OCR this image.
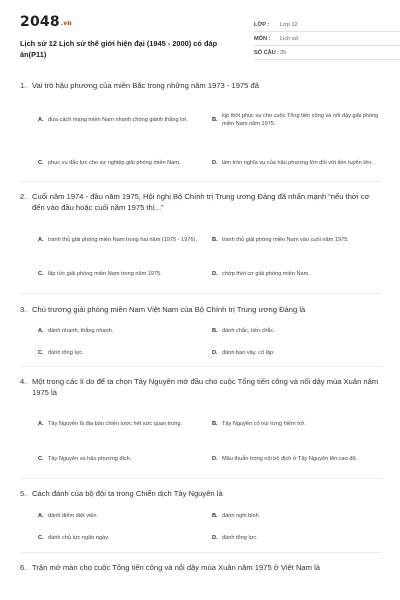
2048.vn
Lịch sử 12 Lịch sử thế giới hiện đại (1945 - 2000) có đáp án(P11)
LỚP :	Lớp 12
MÔN :	Lịch sử
SỐ CÂU : 35
1. Vai trò hậu phương của miền Bắc trong những năm 1973 - 1975 đã
A. đưa cách mạng miền Nam nhanh chóng giành thắng lợi.	B.
kịp thời phục vụ cho cuộc Tổng tiến công và nổi dậy giải phóng miền Nam năm 1975.
C. phục vụ đắc lực cho sự nghiệp giải phóng miền Nam.	D. làm tròn nghĩa vụ của hậu phương lớn đối với tiền tuyến lớn.
2. Cuối năm 1974 - đầu năm 1975, Hội nghị Bộ Chính trị Trung ương Đảng đã nhấn mạnh “nếu thời cơ đến vào đầu hoặc cuối năm 1975 thì...”
A. tranh thủ giải phóng miền Nam trong hai năm (1975 - 1976).	B. tranh thủ giải phóng miền Nam vào cuối năm 1975.
C. lập tức giải phóng miền Nam trong năm 1975.	D. chớp thời cơ giải phóng miền Nam.
3. Chủ trương giải phóng miền Nam Việt Nam của Bộ Chính trị Trung ương Đảng là
A. đánh nhanh, thắng nhanh.	B. đánh chắc, tiến chắc.
C. đánh tổng lực.	D. đánh bao vây, cô lập.
4. Một trong các lí do để ta chọn Tây Nguyên mở đầu cho cuộc Tổng tiến công và nổi dậy mùa Xuân năm 1975 là
A. Tây Nguyên là địa bàn chiến lược hết sức quan trọng.	B. Tây Nguyên có núi rừng hiểm trở.
C. Tây Nguyên xa hậu phương địch.	D. Mâu thuẫn trong nội bộ địch ở Tây Nguyên lên cao độ.
5. Cách đánh của bộ đội ta trong Chiến dịch Tây Nguyên là
A. đánh điểm diệt viện.	B. đánh nghi binh
C. đánh chủ lực ngăn ngày.	D. đánh tổng lực.
6. Trận mở màn cho cuộc Tổng tiến công và nổi dậy mùa Xuân năm 1975 ở Việt Nam là
